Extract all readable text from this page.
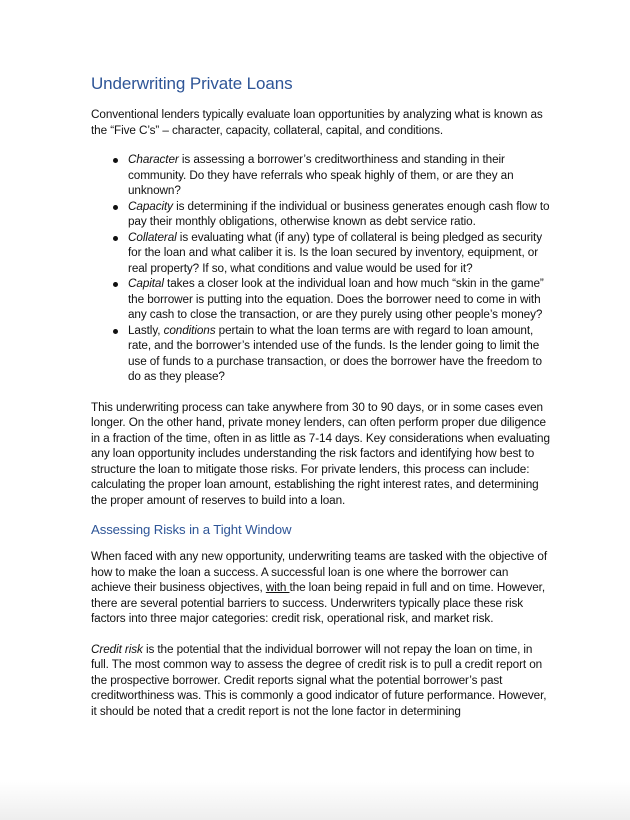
Underwriting Private Loans

Conventional lenders typically evaluate loan opportunities by analyzing what is known as the “Five C’s” – character, capacity, collateral, capital, and conditions.

Character is assessing a borrower’s creditworthiness and standing in their community. Do they have referrals who speak highly of them, or are they an unknown?
Capacity is determining if the individual or business generates enough cash flow to pay their monthly obligations, otherwise known as debt service ratio.
Collateral is evaluating what (if any) type of collateral is being pledged as security for the loan and what caliber it is. Is the loan secured by inventory, equipment, or real property? If so, what conditions and value would be used for it?
Capital takes a closer look at the individual loan and how much “skin in the game” the borrower is putting into the equation. Does the borrower need to come in with any cash to close the transaction, or are they purely using other people’s money?
Lastly, conditions pertain to what the loan terms are with regard to loan amount, rate, and the borrower’s intended use of the funds. Is the lender going to limit the use of funds to a purchase transaction, or does the borrower have the freedom to do as they please?

This underwriting process can take anywhere from 30 to 90 days, or in some cases even longer. On the other hand, private money lenders, can often perform proper due diligence in a fraction of the time, often in as little as 7-14 days. Key considerations when evaluating any loan opportunity includes understanding the risk factors and identifying how best to structure the loan to mitigate those risks. For private lenders, this process can include: calculating the proper loan amount, establishing the right interest rates, and determining the proper amount of reserves to build into a loan.

Assessing Risks in a Tight Window

When faced with any new opportunity, underwriting teams are tasked with the objective of how to make the loan a success. A successful loan is one where the borrower can achieve their business objectives, with the loan being repaid in full and on time. However, there are several potential barriers to success. Underwriters typically place these risk factors into three major categories: credit risk, operational risk, and market risk.

Credit risk is the potential that the individual borrower will not repay the loan on time, in full. The most common way to assess the degree of credit risk is to pull a credit report on the prospective borrower. Credit reports signal what the potential borrower’s past creditworthiness was. This is commonly a good indicator of future performance. However, it should be noted that a credit report is not the lone factor in determining
